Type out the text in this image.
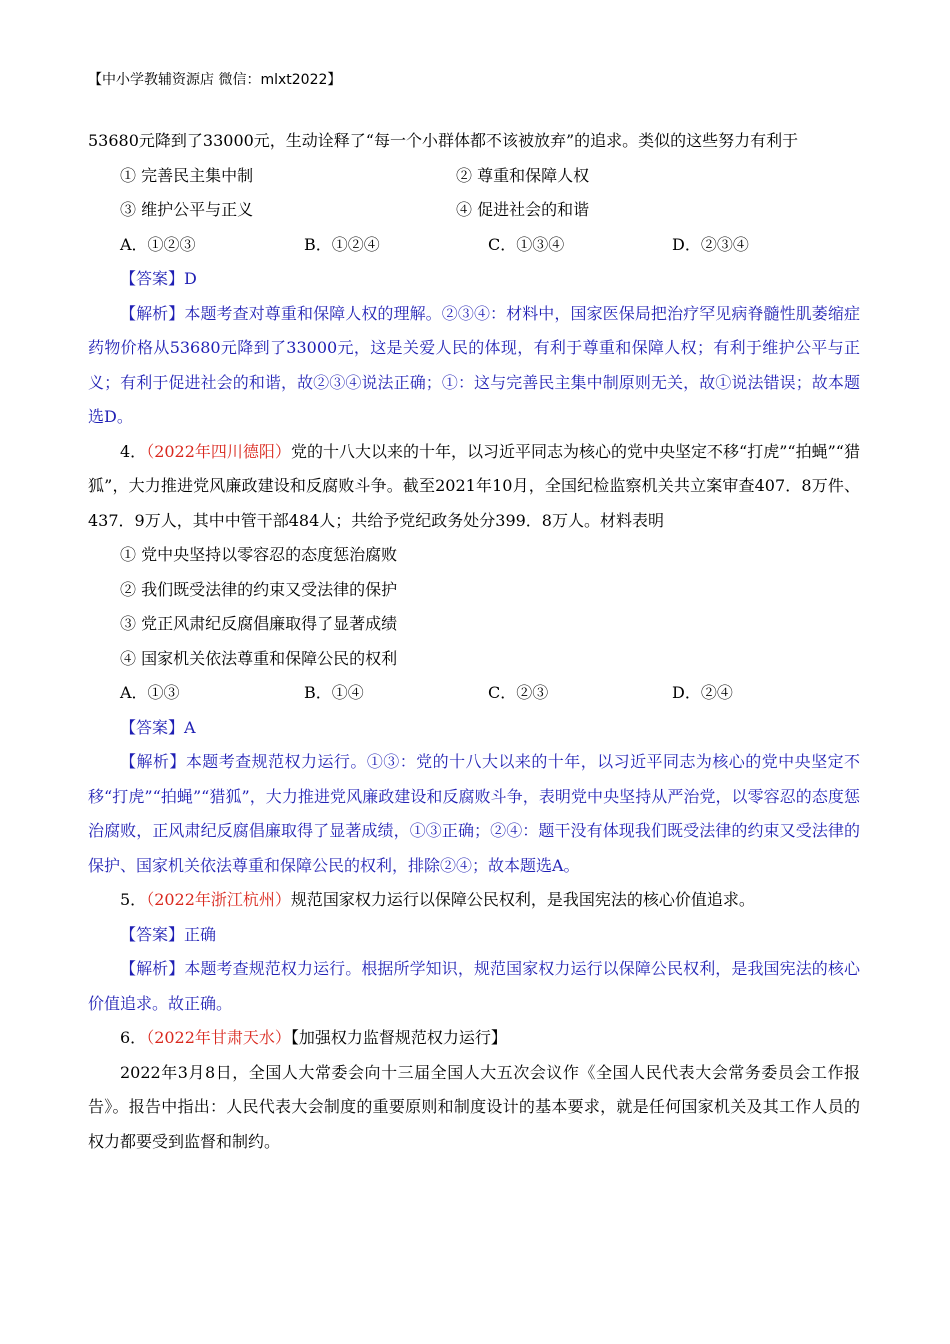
【中小学教辅资源店 微信：mlxt2022】

53680元降到了33000元，生动诠释了“每一个小群体都不该被放弃”的追求。类似的这些努力有利于

① 完善民主集中制	② 尊重和保障人权
③ 维护公平与正义	④ 促进社会的和谐
A．①②③	B．①②④	C．①③④	D．②③④

【答案】D

【解析】本题考查对尊重和保障人权的理解。②③④：材料中，国家医保局把治疗罕见病脊髓性肌萎缩症药物价格从53680元降到了33000元，这是关爱人民的体现，有利于尊重和保障人权；有利于维护公平与正义；有利于促进社会的和谐，故②③④说法正确；①：这与完善民主集中制原则无关，故①说法错误；故本题选D。

4．（2022年四川德阳）党的十八大以来的十年，以习近平同志为核心的党中央坚定不移“打虎”“拍蝇”“猎狐”，大力推进党风廉政建设和反腐败斗争。截至2021年10月，全国纪检监察机关共立案审查407．8万件、437．9万人，其中中管干部484人；共给予党纪政务处分399．8万人。材料表明

① 党中央坚持以零容忍的态度惩治腐败

② 我们既受法律的约束又受法律的保护

③ 党正风肃纪反腐倡廉取得了显著成绩

④ 国家机关依法尊重和保障公民的权利

A．①③	B．①④	C．②③	D．②④

【答案】A

【解析】本题考查规范权力运行。①③：党的十八大以来的十年，以习近平同志为核心的党中央坚定不移“打虎”“拍蝇”“猎狐”，大力推进党风廉政建设和反腐败斗争，表明党中央坚持从严治党，以零容忍的态度惩治腐败，正风肃纪反腐倡廉取得了显著成绩，①③正确；②④：题干没有体现我们既受法律的约束又受法律的保护、国家机关依法尊重和保障公民的权利，排除②④；故本题选A。

5．（2022年浙江杭州）规范国家权力运行以保障公民权利，是我国宪法的核心价值追求。

【答案】正确

【解析】本题考查规范权力运行。根据所学知识，规范国家权力运行以保障公民权利，是我国宪法的核心价值追求。故正确。

6．（2022年甘肃天水）【加强权力监督规范权力运行】

2022年3月8日，全国人大常委会向十三届全国人大五次会议作《全国人民代表大会常务委员会工作报告》。报告中指出：人民代表大会制度的重要原则和制度设计的基本要求，就是任何国家机关及其工作人员的权力都要受到监督和制约。
